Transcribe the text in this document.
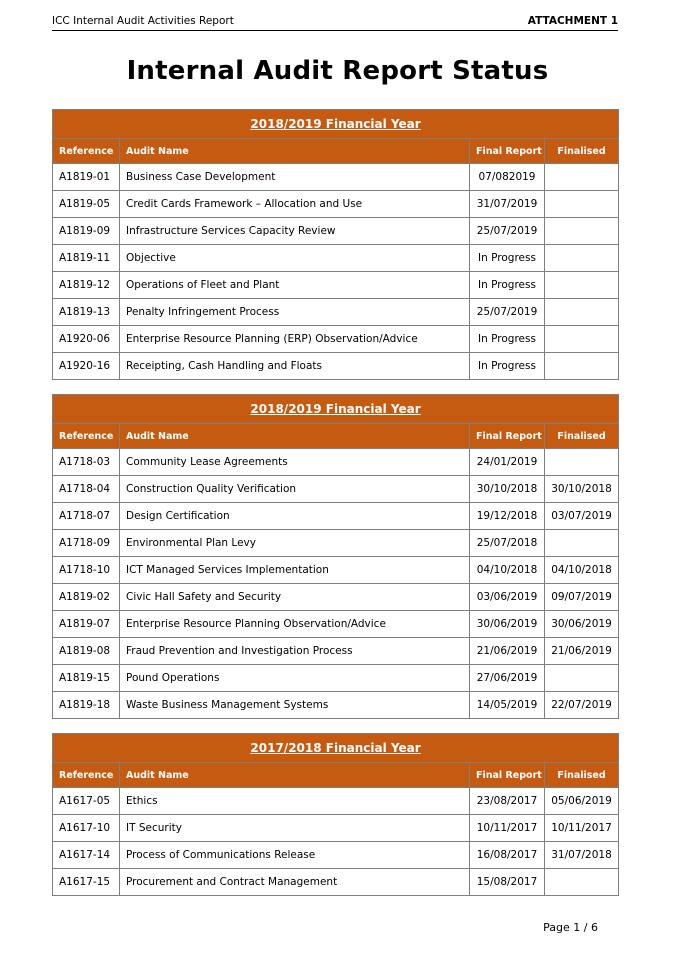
ICC Internal Audit Activities Report	ATTACHMENT 1
Internal Audit Report Status
2018/2019 Financial Year			
Reference	Audit Name	Final Report	Finalised
A1819-01	Business Case Development	07/082019	
A1819-05	Credit Cards Framework – Allocation and Use	31/07/2019	
A1819-09	Infrastructure Services Capacity Review	25/07/2019	
A1819-11	Objective	In Progress	
A1819-12	Operations of Fleet and Plant	In Progress	
A1819-13	Penalty Infringement Process	25/07/2019	
A1920-06	Enterprise Resource Planning (ERP) Observation/Advice	In Progress	
A1920-16	Receipting, Cash Handling and Floats	In Progress	
2018/2019 Financial Year			
Reference	Audit Name	Final Report	Finalised
A1718-03	Community Lease Agreements	24/01/2019	
A1718-04	Construction Quality Verification	30/10/2018	30/10/2018
A1718-07	Design Certification	19/12/2018	03/07/2019
A1718-09	Environmental Plan Levy	25/07/2018	
A1718-10	ICT Managed Services Implementation	04/10/2018	04/10/2018
A1819-02	Civic Hall Safety and Security	03/06/2019	09/07/2019
A1819-07	Enterprise Resource Planning Observation/Advice	30/06/2019	30/06/2019
A1819-08	Fraud Prevention and Investigation Process	21/06/2019	21/06/2019
A1819-15	Pound Operations	27/06/2019	
A1819-18	Waste Business Management Systems	14/05/2019	22/07/2019
2017/2018 Financial Year			
Reference	Audit Name	Final Report	Finalised
A1617-05	Ethics	23/08/2017	05/06/2019
A1617-10	IT Security	10/11/2017	10/11/2017
A1617-14	Process of Communications Release	16/08/2017	31/07/2018
A1617-15	Procurement and Contract Management	15/08/2017	
Page 1 / 6
